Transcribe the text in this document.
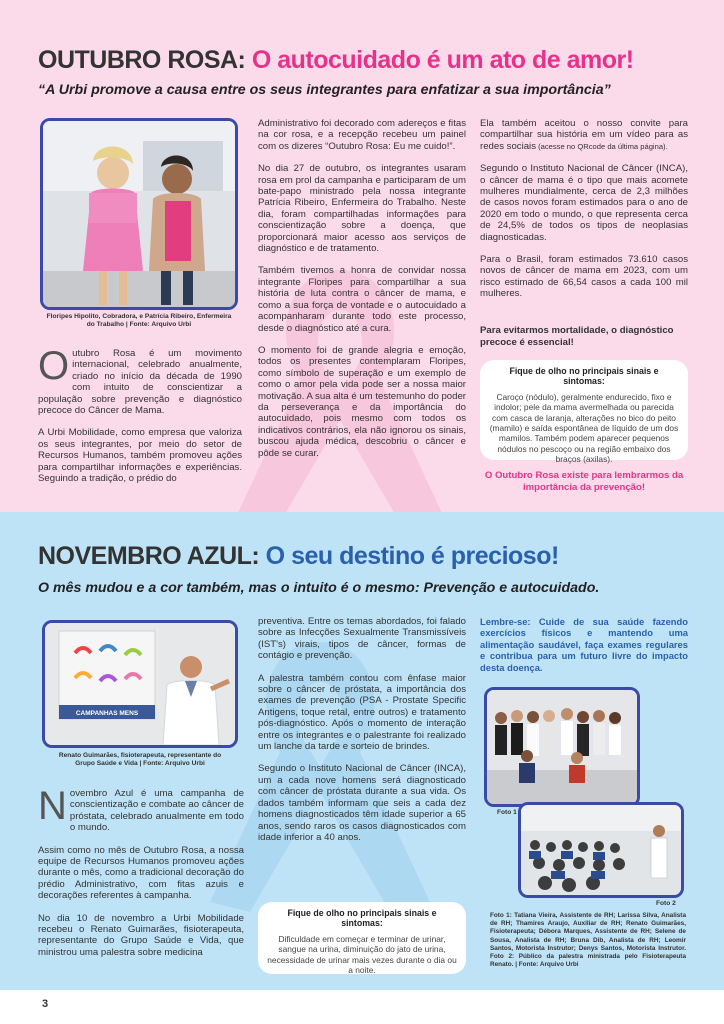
OUTUBRO ROSA: O autocuidado é um ato de amor!
“A Urbi promove a causa entre os seus integrantes para enfatizar a sua importância”
Floripes Hipolito, Cobradora, e Patrícia Ribeiro, Enfermeira do Trabalho | Fonte: Arquivo Urbi

Outubro Rosa é um movimento internacional, celebrado anualmente, criado no início da década de 1990 com intuito de conscientizar a população sobre prevenção e diagnóstico precoce do Câncer de Mama.

A Urbi Mobilidade, como empresa que valoriza os seus integrantes, por meio do setor de Recursos Humanos, também promoveu ações para compartilhar informações e experiências. Seguindo a tradição, o prédio do

Administrativo foi decorado com adereços e fitas na cor rosa, e a recepção recebeu um painel com os dizeres “Outubro Rosa: Eu me cuido!”.

No dia 27 de outubro, os integrantes usaram rosa em prol da campanha e participaram de um bate-papo ministrado pela nossa integrante Patrícia Ribeiro, Enfermeira do Trabalho. Neste dia, foram compartilhadas informações para conscientização sobre a doença, que proporcionará maior acesso aos serviços de diagnóstico e de tratamento.

Também tivemos a honra de convidar nossa integrante Floripes para compartilhar a sua história de luta contra o câncer de mama, e como a sua força de vontade e o autocuidado a acompanharam durante todo este processo, desde o diagnóstico até a cura.

O momento foi de grande alegria e emoção, todos os presentes contemplaram Floripes, como símbolo de superação e um exemplo de como o amor pela vida pode ser a nossa maior motivação. A sua alta é um testemunho do poder da perseverança e da importância do autocuidado, pois mesmo com todos os indicativos contrários, ela não ignorou os sinais, buscou ajuda médica, descobriu o câncer e pôde se curar.

Ela também aceitou o nosso convite para compartilhar sua história em um vídeo para as redes sociais (acesse no QRcode da última página).

Segundo o Instituto Nacional de Câncer (INCA), o câncer de mama é o tipo que mais acomete mulheres mundialmente, cerca de 2,3 milhões de casos novos foram estimados para o ano de 2020 em todo o mundo, o que representa cerca de 24,5% de todos os tipos de neoplasias diagnosticadas.

Para o Brasil, foram estimados 73.610 casos novos de câncer de mama em 2023, com um risco estimado de 66,54 casos a cada 100 mil mulheres.

Para evitarmos mortalidade, o diagnóstico precoce é essencial!
Fique de olho no principais sinais e sintomas:
Caroço (nódulo), geralmente endurecido, fixo e indolor; pele da mama avermelhada ou parecida com casca de laranja, alterações no bico do peito (mamilo) e saída espontânea de líquido de um dos mamilos. Também podem aparecer pequenos nódulos no pescoço ou na região embaixo dos braços (axilas).
O Outubro Rosa existe para lembrarmos da importância da prevenção!
NOVEMBRO AZUL: O seu destino é precioso!
O mês mudou e a cor também, mas o intuito é o mesmo: Prevenção e autocuidado.
CAMPANHAS MENS
Renato Guimarães, fisioterapeuta, representante do Grupo Saúde e Vida | Fonte: Arquivo Urbi

Novembro Azul é uma campanha de conscientização e combate ao câncer de próstata, celebrado anualmente em todo o mundo.

Assim como no mês de Outubro Rosa, a nossa equipe de Recursos Humanos promoveu ações durante o mês, como a tradicional decoração do prédio Administrativo, com fitas azuis e decorações referentes à campanha.

No dia 10 de novembro a Urbi Mobilidade recebeu o Renato Guimarães, fisioterapeuta, representante do Grupo Saúde e Vida, que ministrou uma palestra sobre medicina

preventiva. Entre os temas abordados, foi falado sobre as Infecções Sexualmente Transmissíveis (IST's) virais, tipos de câncer, formas de contágio e prevenção.

A palestra também contou com ênfase maior sobre o câncer de próstata, a importância dos exames de prevenção (PSA - Prostate Specific Antigens, toque retal, entre outros) e tratamento pós-diagnóstico. Após o momento de interação entre os integrantes e o palestrante foi realizado um lanche da tarde e sorteio de brindes.

Segundo o Instituto Nacional de Câncer (INCA), um a cada nove homens será diagnosticado com câncer de próstata durante a sua vida. Os dados também informam que seis a cada dez homens diagnosticados têm idade superior a 65 anos, sendo raros os casos diagnosticados com idade inferior a 40 anos.

Fique de olho no principais sinais e sintomas:
Dificuldade em começar e terminar de urinar, sangue na urina, diminuição do jato de urina, necessidade de urinar mais vezes durante o dia ou a noite.
Lembre-se: Cuide de sua saúde fazendo exercícios físicos e mantendo uma alimentação saudável, faça exames regulares e contribua para um futuro livre do impacto desta doença.
Foto 1
Foto 2
Foto 1: Tatiana Vieira, Assistente de RH; Larissa Silva, Analista de RH; Thamires Araujo, Auxiliar de RH; Renato Guimarães, Fisioterapeuta; Débora Marques, Assistente de RH; Selene de Sousa, Analista de RH; Bruna Dib, Analista de RH; Leomir Santos, Motorista Instrutor; Denys Santos, Motorista Instrutor. Foto 2: Público da palestra ministrada pelo Fisioterapeuta Renato. | Fonte: Arquivo Urbi
3
